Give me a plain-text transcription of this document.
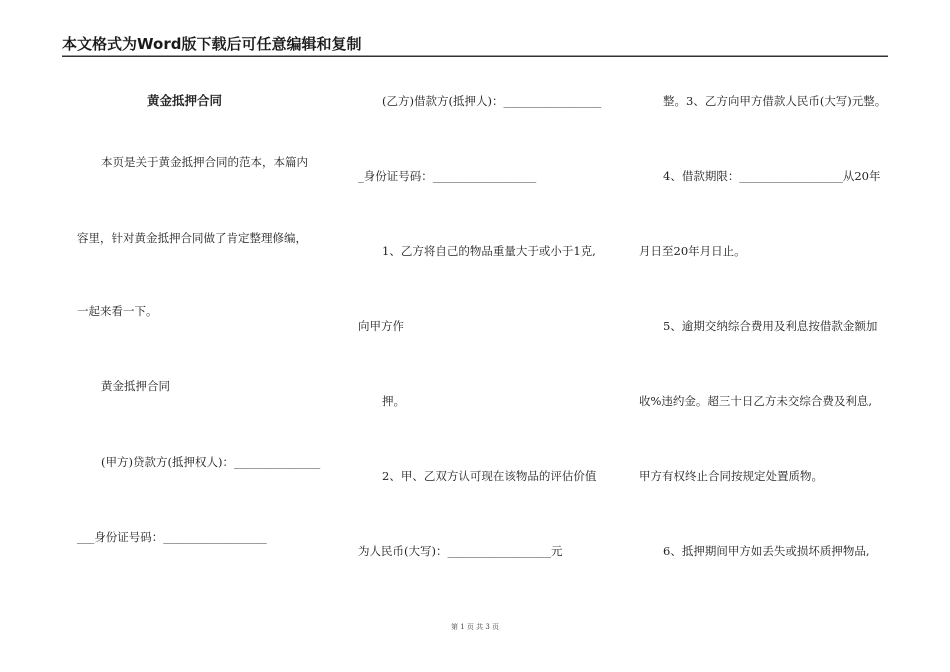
本文格式为Word版下载后可任意编辑和复制
黄金抵押合同
本页是关于黄金抵押合同的范本，本篇内
容里，针对黄金抵押合同做了肯定整理修编，
一起来看一下。
黄金抵押合同
(甲方)贷款方(抵押权人)：_______________
___身份证号码：__________________
(乙方)借款方(抵押人)：_________________
_身份证号码：__________________
1、乙方将自己的物品重量大于或小于1克,
向甲方作
押。
2、甲、乙双方认可现在该物品的评估价值
为人民币(大写)：__________________元
整。3、乙方向甲方借款人民币(大写)元整。
4、借款期限：__________________从20年
月日至20年月日止。
5、逾期交纳综合费用及利息按借款金额加
收%违约金。超三十日乙方未交综合费及利息,
甲方有权终止合同按规定处置质物。
6、抵押期间甲方如丢失或损坏质押物品,
第 1 页 共 3 页
